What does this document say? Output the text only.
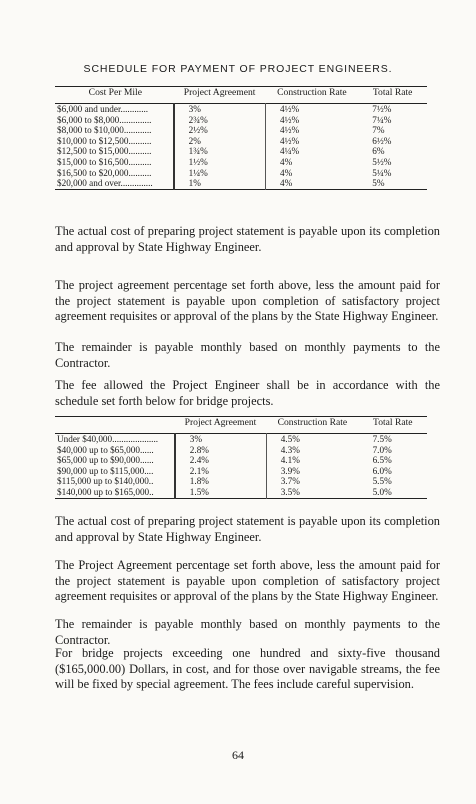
SCHEDULE FOR PAYMENT OF PROJECT ENGINEERS.
Cost Per Mile	Project Agreement	Construction Rate	Total Rate
$6,000 and under............	3%	4½%	7½%
$6,000 to $8,000..............	2¾%	4½%	7¼%
$8,000 to $10,000............	2½%	4½%	7%
$10,000 to $12,500..........	2%	4½%	6½%
$12,500 to $15,000..........	1¾%	4¼%	6%
$15,000 to $16,500..........	1½%	4%	5½%
$16,500 to $20,000..........	1¼%	4%	5¼%
$20,000 and over..............	1%	4%	5%

The actual cost of preparing project statement is payable upon its completion and approval by State Highway Engineer.

The project agreement percentage set forth above, less the amount paid for the project statement is payable upon completion of satisfactory project agreement requisites or approval of the plans by the State Highway Engineer.

The remainder is payable monthly based on monthly payments to the Contractor.

The fee allowed the Project Engineer shall be in accordance with the schedule set forth below for bridge projects.

	Project Agreement	Construction Rate	Total Rate
Under $40,000....................	3%	4.5%	7.5%
$40,000 up to $65,000......	2.8%	4.3%	7.0%
$65,000 up to $90,000......	2.4%	4.1%	6.5%
$90,000 up to $115,000....	2.1%	3.9%	6.0%
$115,000 up to $140,000..	1.8%	3.7%	5.5%
$140,000 up to $165,000..	1.5%	3.5%	5.0%

The actual cost of preparing project statement is payable upon its completion and approval by State Highway Engineer.

The Project Agreement percentage set forth above, less the amount paid for the project statement is payable upon completion of satisfactory project agreement requisites or approval of the plans by the State Highway Engineer.

The remainder is payable monthly based on monthly payments to the Contractor.

For bridge projects exceeding one hundred and sixty-five thousand ($165,000.00) Dollars, in cost, and for those over navigable streams, the fee will be fixed by special agreement. The fees include careful supervision.

64
